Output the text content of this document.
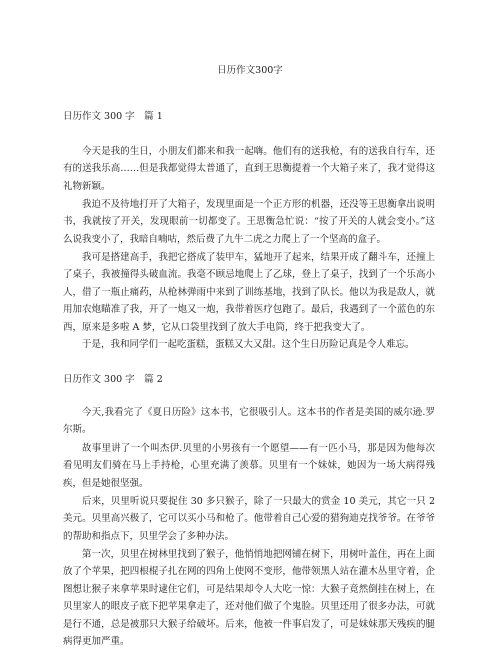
日历作文300字
日历作文 300 字　篇 1

今天是我的生日，小朋友们都来和我一起嗨。他们有的送我枪，有的送我自行车，还有的送我乐高……但是我都觉得太普通了，直到王思衡提着一个大箱子来了，我才觉得这礼物新颖。

我迫不及待地打开了大箱子，发现里面是一个正方形的机器，还没等王思衡拿出说明书，我就按了开关，发现眼前一切都变了。王思衡急忙说：“按了开关的人就会变小。”这么说我变小了，我暗自喃咕，然后费了九牛二虎之力爬上了一个坚高的盒子。

我可是搭建高手，我把它搭成了装甲车，猛地开了起来，结果开成了翻斗车，还撞上了桌子，我被撞得头破血流。我毫不顾忌地爬上了乙球，登上了桌子，找到了一个乐高小人，借了一瓶止痛药，从枪林弹雨中来到了训练基地，找到了队长。他以为我是敌人，就用加农炮瞄准了我，开了一炮又一炮，我带着医疗包跑了。最后，我遇到了一个蓝色的东西，原来是多啦 A 梦，它从口袋里找到了放大手电筒，终于把我变大了。

于是，我和同学们一起吃蛋糕，蛋糕又大又甜。这个生日历险记真是令人难忘。

日历作文 300 字　篇 2

今天,我看完了《夏日历险》这本书，它很吸引人。这本书的作者是美国的威尔逊.罗尔斯。

故事里讲了一个叫杰伊.贝里的小男孩有一个愿望——有一匹小马，那是因为他每次看见明友们骑在马上手持枪，心里充满了羡慕。贝里有一个妹妹，她因为一场大病得残疾，但是她很坚强。

后来，贝里听说只要捉住 30 多只猴子，除了一只最大的赏金 10 美元，其它一只 2 美元。贝里高兴极了，它可以买小马和枪了。他带着自己心爱的猎狗迪克找爷爷。在爷爷的帮助和指点下，贝里学会了多种办法。

第一次，贝里在树林里找到了猴子，他悄悄地把网铺在树下，用树叶盖住，再在上面放了个苹果，把四根棍子扎在网的四角上使网不变形，他带领黑人站在灌木丛里守着，企图想让猴子来拿苹果时逮住它们，可是结果却令人大吃一惊：大猴子竟然倒挂在树上，在贝里家人的眼皮子底下把苹果拿走了，还对他们做了个鬼脸。贝里还用了很多办法，可就是行不通，总是被那只大猴子给破坏。后来，他被一件事启发了，可是妹妹那天残疾的腿病得更加严重。
